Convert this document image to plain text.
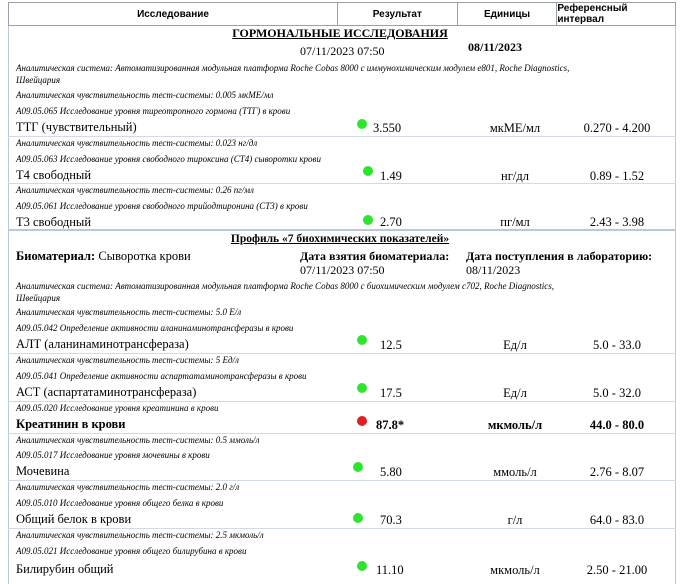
Исследование	Результат	Единицы	Референсный интервал
ГОРМОНАЛЬНЫЕ ИССЛЕДОВАНИЯ
07/11/2023 07:50	08/11/2023
Аналитическая система: Автоматизированная модульная платформа Roche Cobas 8000 с иммунохимическим модулем e801, Roche Diagnostics,
Швейцария
Аналитическая чувствительность тест-системы: 0.005 мкМЕ/мл
A09.05.065 Исследование уровня тиреотропного гормона (ТТГ) в крови
ТТГ (чувствительный)	3.550	мкМЕ/мл	0.270 - 4.200
Аналитическая чувствительность тест-системы: 0.023 нг/дл
A09.05.063 Исследование уровня свободного тироксина (СТ4) сыворотки крови
Т4 свободный	1.49	нг/дл	0.89 - 1.52
Аналитическая чувствительность тест-системы: 0.26 пг/мл
A09.05.061 Исследование уровня свободного трийодтиронина (СТ3) в крови
Т3 свободный	2.70	пг/мл	2.43 - 3.98
Профиль «7 биохимических показателей»
Биоматериал: Сыворотка крови	Дата взятия биоматериала:
07/11/2023 07:50
Дата поступления в лабораторию:
08/11/2023
Аналитическая система: Автоматизированная модульная платформа Roche Cobas 8000 с биохимическим модулем с702, Roche Diagnostics,
Швейцария
Аналитическая чувствительность тест-системы: 5.0 Е/л
A09.05.042 Определение активности аланинаминотрансферазы в крови
АЛТ (аланинаминотрансфераза)	12.5	Ед/л	5.0 - 33.0
Аналитическая чувствительность тест-системы: 5 Ед/л
A09.05.041 Определение активности аспартатаминотрансферазы в крови
АСТ (аспартатаминотрансфераза)	17.5	Ед/л	5.0 - 32.0
A09.05.020 Исследование уровня креатинина в крови
Креатинин в крови	87.8*	мкмоль/л	44.0 - 80.0
Аналитическая чувствительность тест-системы: 0.5 ммоль/л
A09.05.017 Исследование уровня мочевины в крови
Мочевина	5.80	ммоль/л	2.76 - 8.07
Аналитическая чувствительность тест-системы: 2.0 г/л
A09.05.010 Исследование уровня общего белка в крови
Общий белок в крови	70.3	г/л	64.0 - 83.0
Аналитическая чувствительность тест-системы: 2.5 мкмоль/л
A09.05.021 Исследование уровня общего билирубина в крови
Билирубин общий	11.10	мкмоль/л	2.50 - 21.00
